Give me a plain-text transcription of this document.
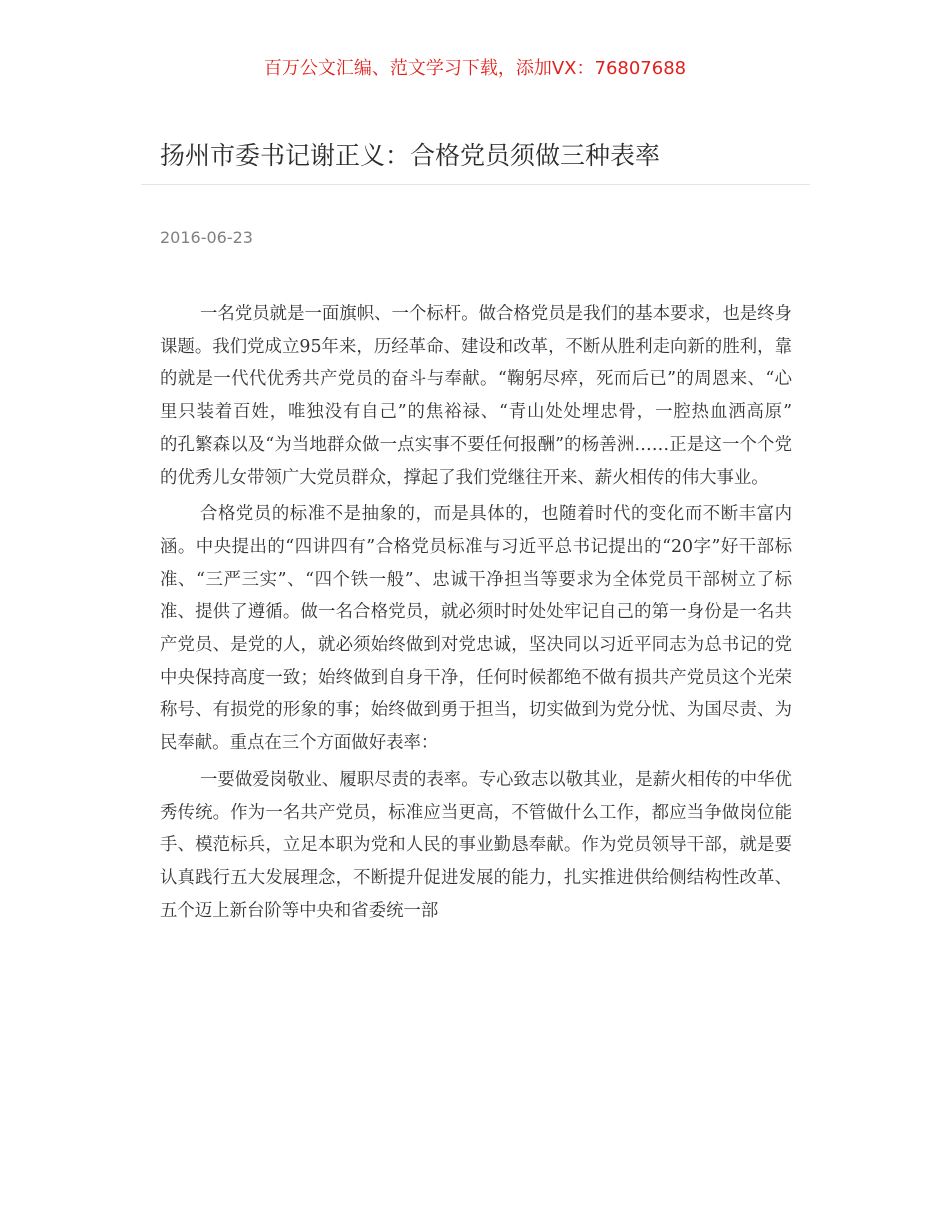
百万公文汇编、范文学习下载，添加VX：76807688
扬州市委书记谢正义：合格党员须做三种表率
2016-06-23

一名党员就是一面旗帜、一个标杆。做合格党员是我们的基本要求，也是终身课题。我们党成立95年来，历经革命、建设和改革，不断从胜利走向新的胜利，靠的就是一代代优秀共产党员的奋斗与奉献。“鞠躬尽瘁，死而后已”的周恩来、“心里只装着百姓，唯独没有自己”的焦裕禄、“青山处处埋忠骨，一腔热血洒高原”　的孔繁森以及“为当地群众做一点实事不要任何报酬”的杨善洲……正是这一个个党的优秀儿女带领广大党员群众，撑起了我们党继往开来、薪火相传的伟大事业。

合格党员的标准不是抽象的，而是具体的，也随着时代的变化而不断丰富内涵。中央提出的“四讲四有”合格党员标准与习近平总书记提出的“20字”好干部标准、“三严三实”、“四个铁一般”、忠诚干净担当等要求为全体党员干部树立了标准、提供了遵循。做一名合格党员，就必须时时处处牢记自己的第一身份是一名共产党员、是党的人，就必须始终做到对党忠诚，坚决同以习近平同志为总书记的党中央保持高度一致；始终做到自身干净，任何时候都绝不做有损共产党员这个光荣称号、有损党的形象的事；始终做到勇于担当，切实做到为党分忧、为国尽责、为民奉献。重点在三个方面做好表率：

一要做爱岗敬业、履职尽责的表率。专心致志以敬其业，是薪火相传的中华优秀传统。作为一名共产党员，标准应当更高，不管做什么工作，都应当争做岗位能手、模范标兵，立足本职为党和人民的事业勤恳奉献。作为党员领导干部，就是要认真践行五大发展理念，不断提升促进发展的能力，扎实推进供给侧结构性改革、五个迈上新台阶等中央和省委统一部
